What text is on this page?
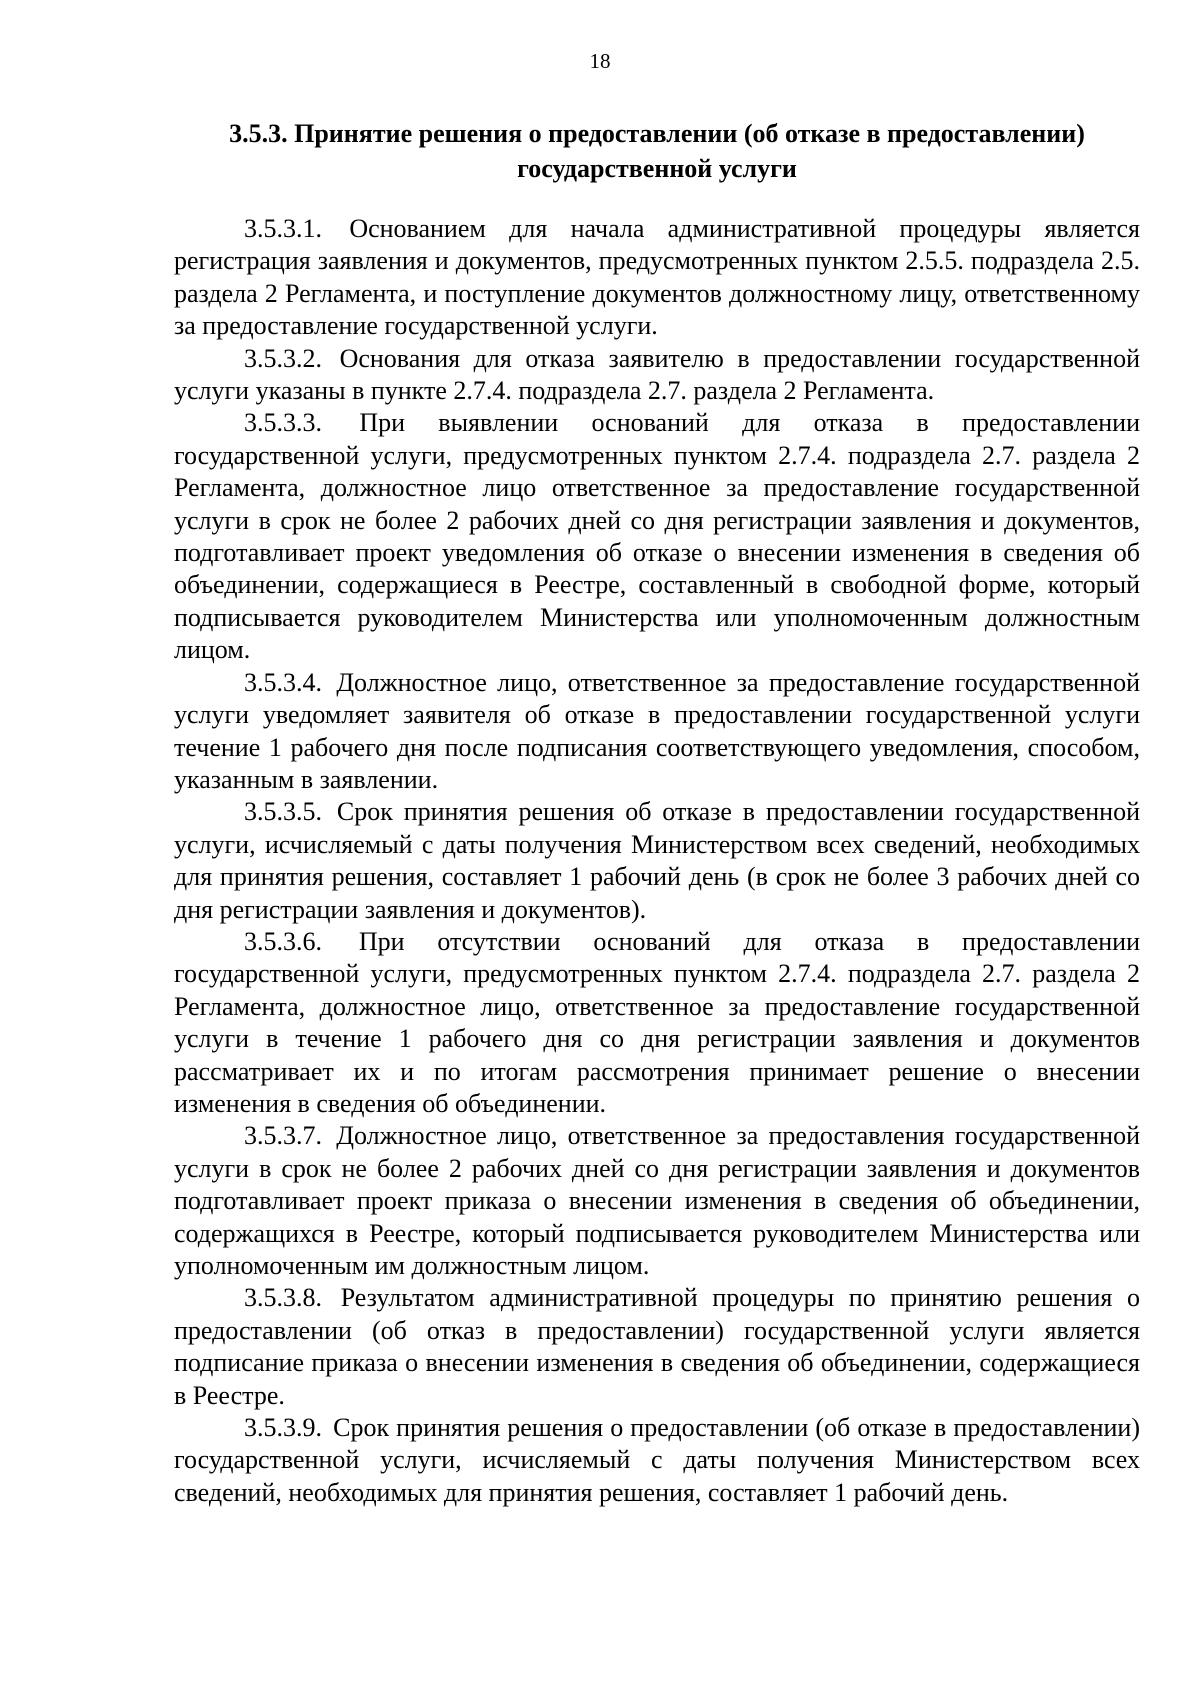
18
3.5.3. Принятие решения о предоставлении (об отказе в предоставлении)
государственной услуги

3.5.3.1. Основанием для начала административной процедуры является регистрация заявления и документов, предусмотренных пунктом 2.5.5. подраздела 2.5. раздела 2 Регламента, и поступление документов должностному лицу, ответственному за предоставление государственной услуги.

3.5.3.2. Основания для отказа заявителю в предоставлении государственной услуги указаны в пункте 2.7.4. подраздела 2.7. раздела 2 Регламента.

3.5.3.3. При выявлении оснований для отказа в предоставлении государственной услуги, предусмотренных пунктом 2.7.4. подраздела 2.7. раздела 2 Регламента, должностное лицо ответственное за предоставление государственной услуги в срок не более 2 рабочих дней со дня регистрации заявления и документов, подготавливает проект уведомления об отказе о внесении изменения в сведения об объединении, содержащиеся в Реестре, составленный в свободной форме, который подписывается руководителем Министерства или уполномоченным должностным лицом.

3.5.3.4. Должностное лицо, ответственное за предоставление государственной услуги уведомляет заявителя об отказе в предоставлении государственной услуги течение 1 рабочего дня после подписания соответствующего уведомления, способом, указанным в заявлении.

3.5.3.5. Срок принятия решения об отказе в предоставлении государственной услуги, исчисляемый с даты получения Министерством всех сведений, необходимых для принятия решения, составляет 1 рабочий день (в срок не более 3 рабочих дней со дня регистрации заявления и документов).

3.5.3.6. При отсутствии оснований для отказа в предоставлении государственной услуги, предусмотренных пунктом 2.7.4. подраздела 2.7. раздела 2 Регламента, должностное лицо, ответственное за предоставление государственной услуги в течение 1 рабочего дня со дня регистрации заявления и документов рассматривает их и по итогам рассмотрения принимает решение о внесении изменения в сведения об объединении.

3.5.3.7. Должностное лицо, ответственное за предоставления государственной услуги в срок не более 2 рабочих дней со дня регистрации заявления и документов подготавливает проект приказа о внесении изменения в сведения об объединении, содержащихся в Реестре, который подписывается руководителем Министерства или уполномоченным им должностным лицом.

3.5.3.8. Результатом административной процедуры по принятию решения о предоставлении (об отказ в предоставлении) государственной услуги является подписание приказа о внесении изменения в сведения об объединении, содержащиеся в Реестре.

3.5.3.9. Срок принятия решения о предоставлении (об отказе в предоставлении) государственной услуги, исчисляемый с даты получения Министерством всех сведений, необходимых для принятия решения, составляет 1 рабочий день.
